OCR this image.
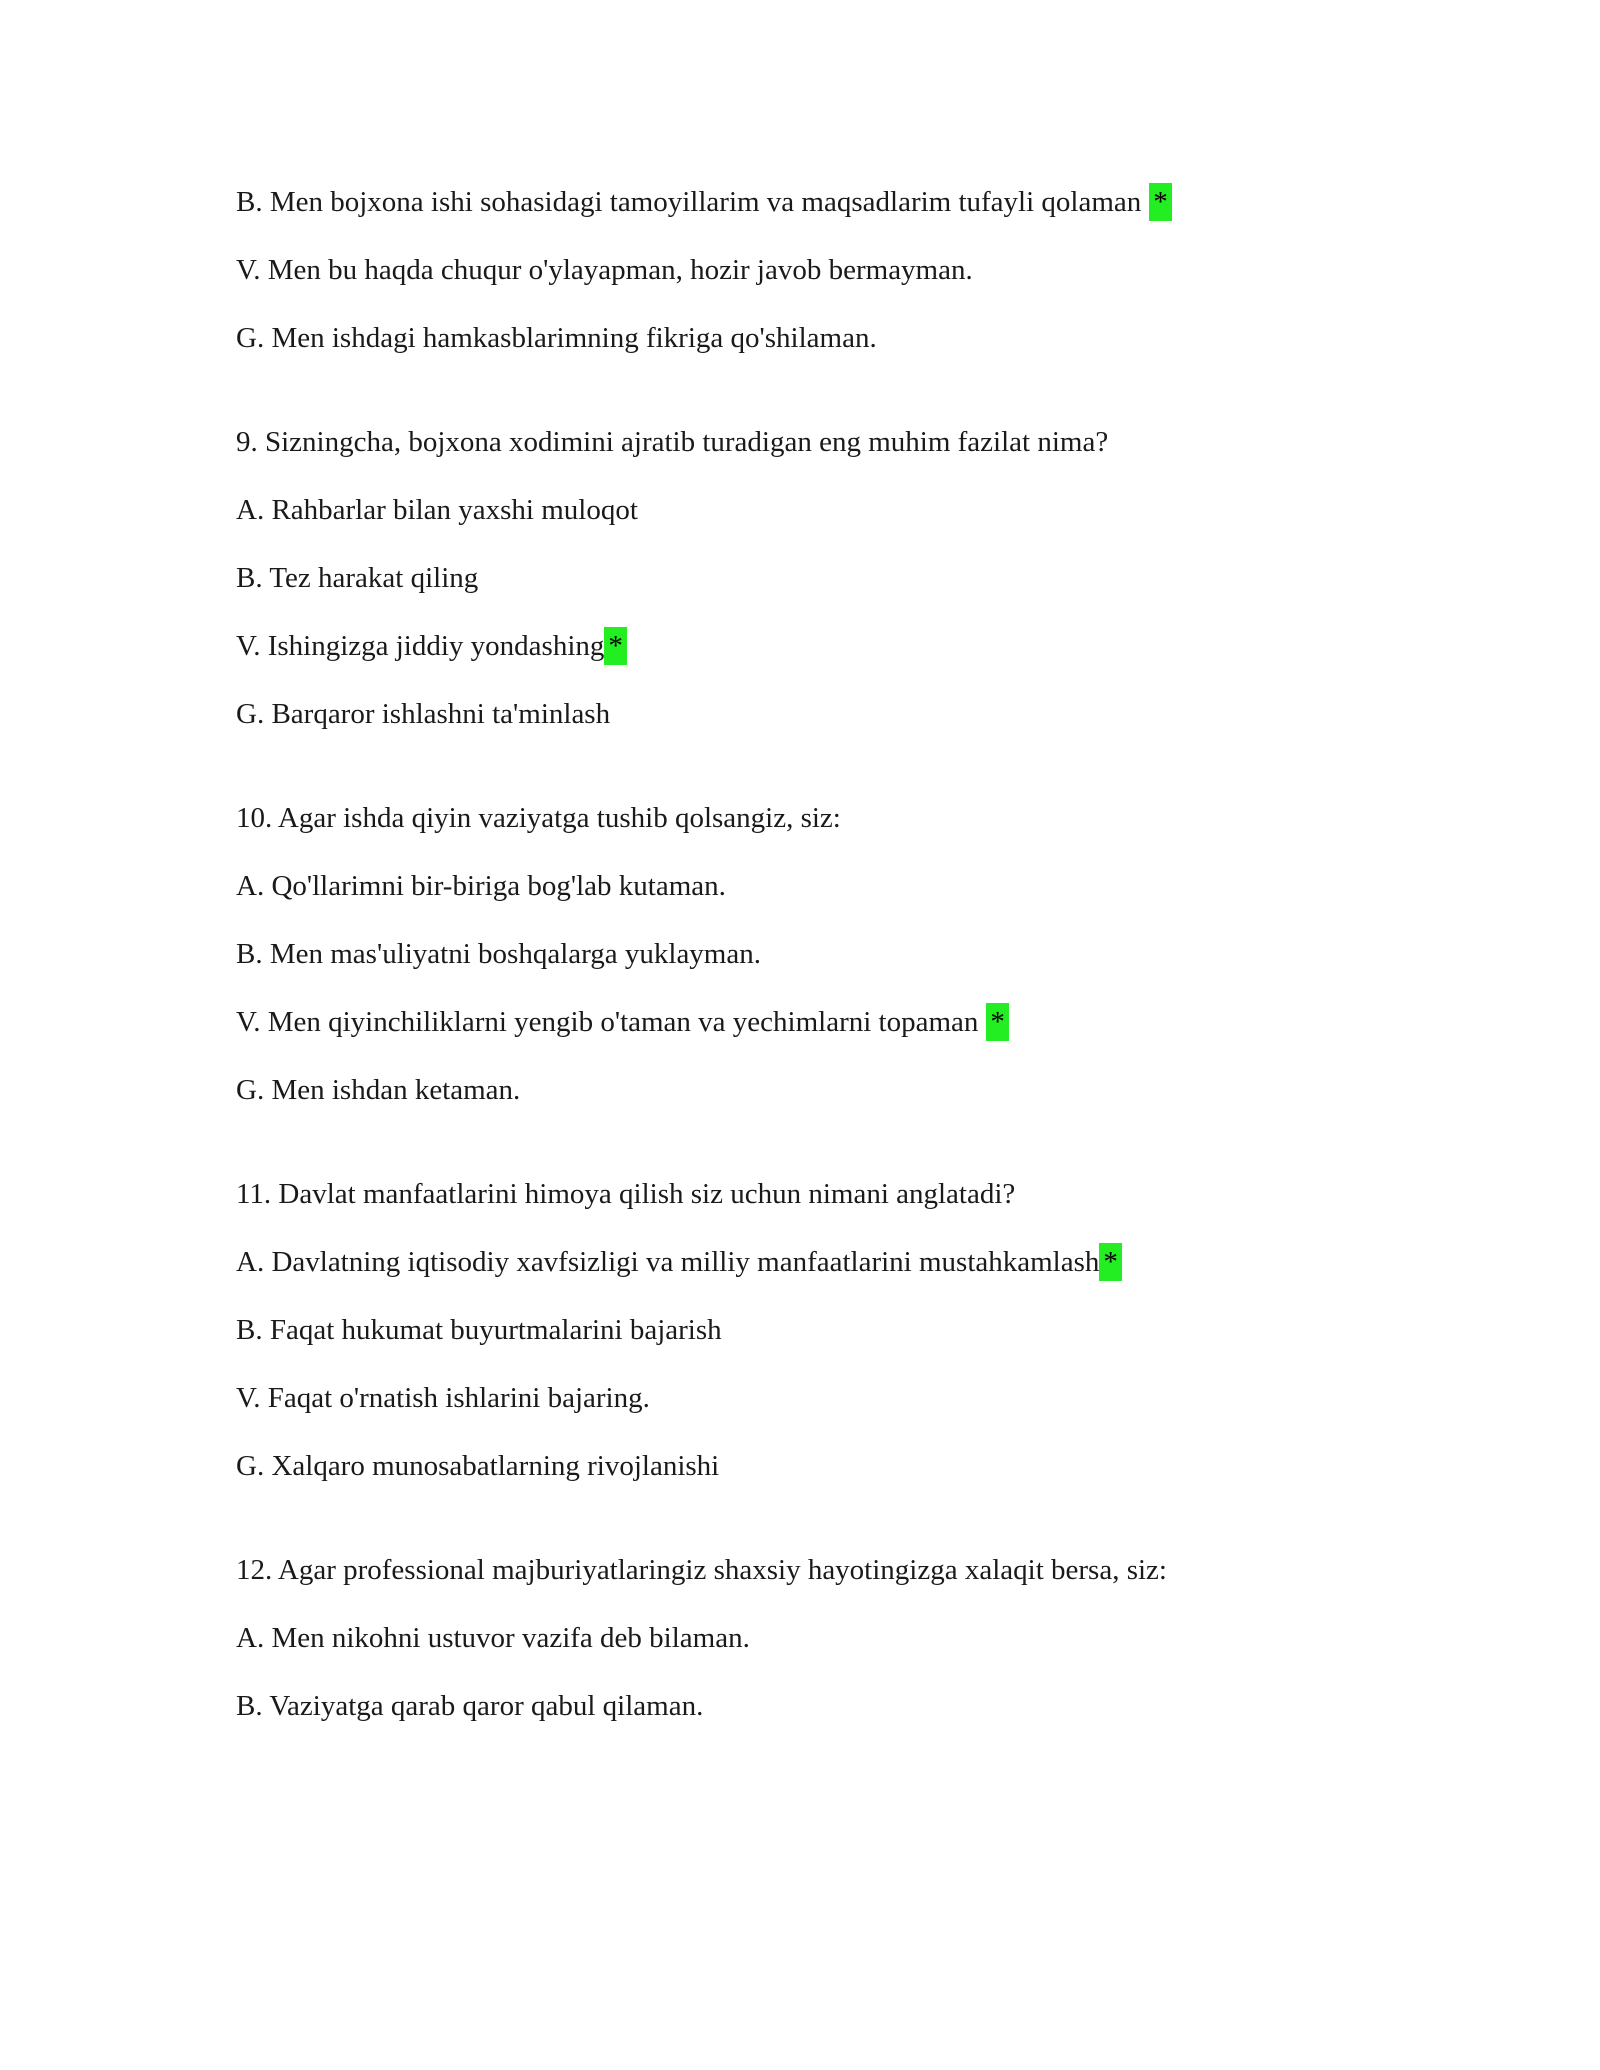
B. Men bojxona ishi sohasidagi tamoyillarim va maqsadlarim tufayli qolaman *
V. Men bu haqda chuqur o'ylayapman, hozir javob bermayman.
G. Men ishdagi hamkasblarimning fikriga qo'shilaman.
9. Sizningcha, bojxona xodimini ajratib turadigan eng muhim fazilat nima?
A. Rahbarlar bilan yaxshi muloqot
B. Tez harakat qiling
V. Ishingizga jiddiy yondashing *
G. Barqaror ishlashni ta'minlash
10. Agar ishda qiyin vaziyatga tushib qolsangiz, siz:
A. Qo'llarimni bir-biriga bog'lab kutaman.
B. Men mas'uliyatni boshqalarga yuklayman.
V. Men qiyinchiliklarni yengib o'taman va yechimlarni topaman *
G. Men ishdan ketaman.
11. Davlat manfaatlarini himoya qilish siz uchun nimani anglatadi?
A. Davlatning iqtisodiy xavfsizligi va milliy manfaatlarini mustahkamlash *
B. Faqat hukumat buyurtmalarini bajarish
V. Faqat o'rnatish ishlarini bajaring.
G. Xalqaro munosabatlarning rivojlanishi
12. Agar professional majburiyatlaringiz shaxsiy hayotingizga xalaqit bersa, siz:
A. Men nikohni ustuvor vazifa deb bilaman.
B. Vaziyatga qarab qaror qabul qilaman.
